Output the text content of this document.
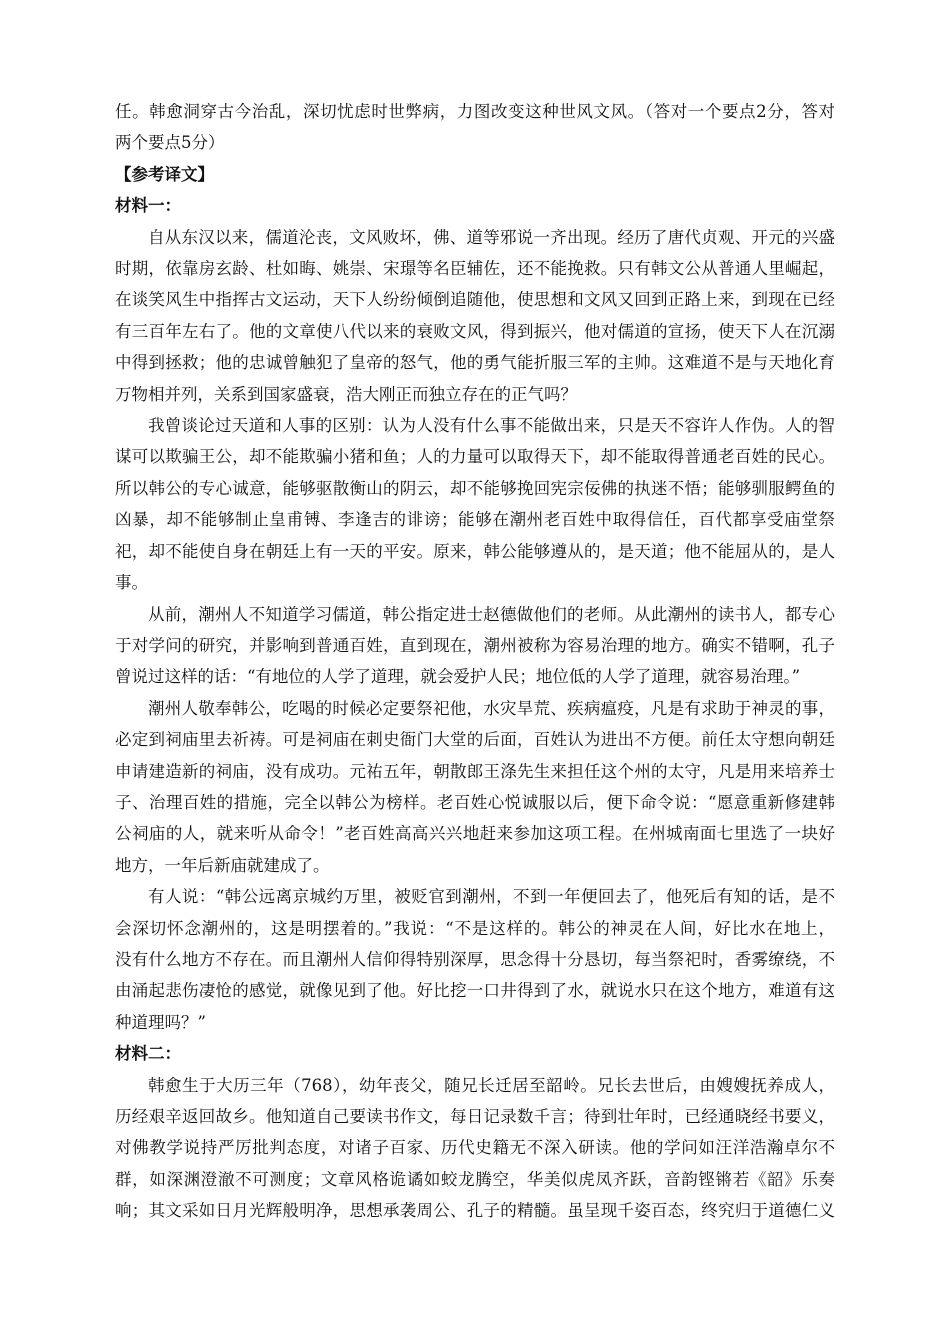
任。韩愈洞穿古今治乱，深切忧虑时世弊病，力图改变这种世风文风。（答对一个要点2分，答对

两个要点5分）

【参考译文】

材料一：

自从东汉以来，儒道沦丧，文风败坏，佛、道等邪说一齐出现。经历了唐代贞观、开元的兴盛

时期，依靠房玄龄、杜如晦、姚崇、宋璟等名臣辅佐，还不能挽救。只有韩文公从普通人里崛起，

在谈笑风生中指挥古文运动，天下人纷纷倾倒追随他，使思想和文风又回到正路上来，到现在已经

有三百年左右了。他的文章使八代以来的衰败文风，得到振兴，他对儒道的宣扬，使天下人在沉溺

中得到拯救；他的忠诚曾触犯了皇帝的怒气，他的勇气能折服三军的主帅。这难道不是与天地化育

万物相并列，关系到国家盛衰，浩大刚正而独立存在的正气吗？

我曾谈论过天道和人事的区别：认为人没有什么事不能做出来，只是天不容许人作伪。人的智

谋可以欺骗王公，却不能欺骗小猪和鱼；人的力量可以取得天下，却不能取得普通老百姓的民心。

所以韩公的专心诚意，能够驱散衡山的阴云，却不能够挽回宪宗佞佛的执迷不悟；能够驯服鳄鱼的

凶暴，却不能够制止皇甫镈、李逢吉的诽谤；能够在潮州老百姓中取得信任，百代都享受庙堂祭

祀，却不能使自身在朝廷上有一天的平安。原来，韩公能够遵从的，是天道；他不能屈从的，是人

事。

从前，潮州人不知道学习儒道，韩公指定进士赵德做他们的老师。从此潮州的读书人，都专心

于对学问的研究，并影响到普通百姓，直到现在，潮州被称为容易治理的地方。确实不错啊，孔子

曾说过这样的话：“有地位的人学了道理，就会爱护人民；地位低的人学了道理，就容易治理。”

潮州人敬奉韩公，吃喝的时候必定要祭祀他，水灾旱荒、疾病瘟疫，凡是有求助于神灵的事，

必定到祠庙里去祈祷。可是祠庙在刺史衙门大堂的后面，百姓认为进出不方便。前任太守想向朝廷

申请建造新的祠庙，没有成功。元祐五年，朝散郎王涤先生来担任这个州的太守，凡是用来培养士

子、治理百姓的措施，完全以韩公为榜样。老百姓心悦诚服以后，便下命令说：“愿意重新修建韩

公祠庙的人，就来听从命令！”老百姓高高兴兴地赶来参加这项工程。在州城南面七里选了一块好

地方，一年后新庙就建成了。

有人说：“韩公远离京城约万里，被贬官到潮州，不到一年便回去了，他死后有知的话，是不

会深切怀念潮州的，这是明摆着的。”我说：“不是这样的。韩公的神灵在人间，好比水在地上，

没有什么地方不存在。而且潮州人信仰得特别深厚，思念得十分恳切，每当祭祀时，香雾缭绕，不

由涌起悲伤凄怆的感觉，就像见到了他。好比挖一口井得到了水，就说水只在这个地方，难道有这

种道理吗？”

材料二：

韩愈生于大历三年（768），幼年丧父，随兄长迁居至韶岭。兄长去世后，由嫂嫂抚养成人，

历经艰辛返回故乡。他知道自己要读书作文，每日记录数千言；待到壮年时，已经通晓经书要义，

对佛教学说持严厉批判态度，对诸子百家、历代史籍无不深入研读。他的学问如汪洋浩瀚卓尔不

群，如深渊澄澈不可测度；文章风格诡谲如蛟龙腾空，华美似虎凤齐跃，音韵铿锵若《韶》乐奏

响；其文采如日月光辉般明净，思想承袭周公、孔子的精髓。虽呈现千姿百态，终究归于道德仁义
